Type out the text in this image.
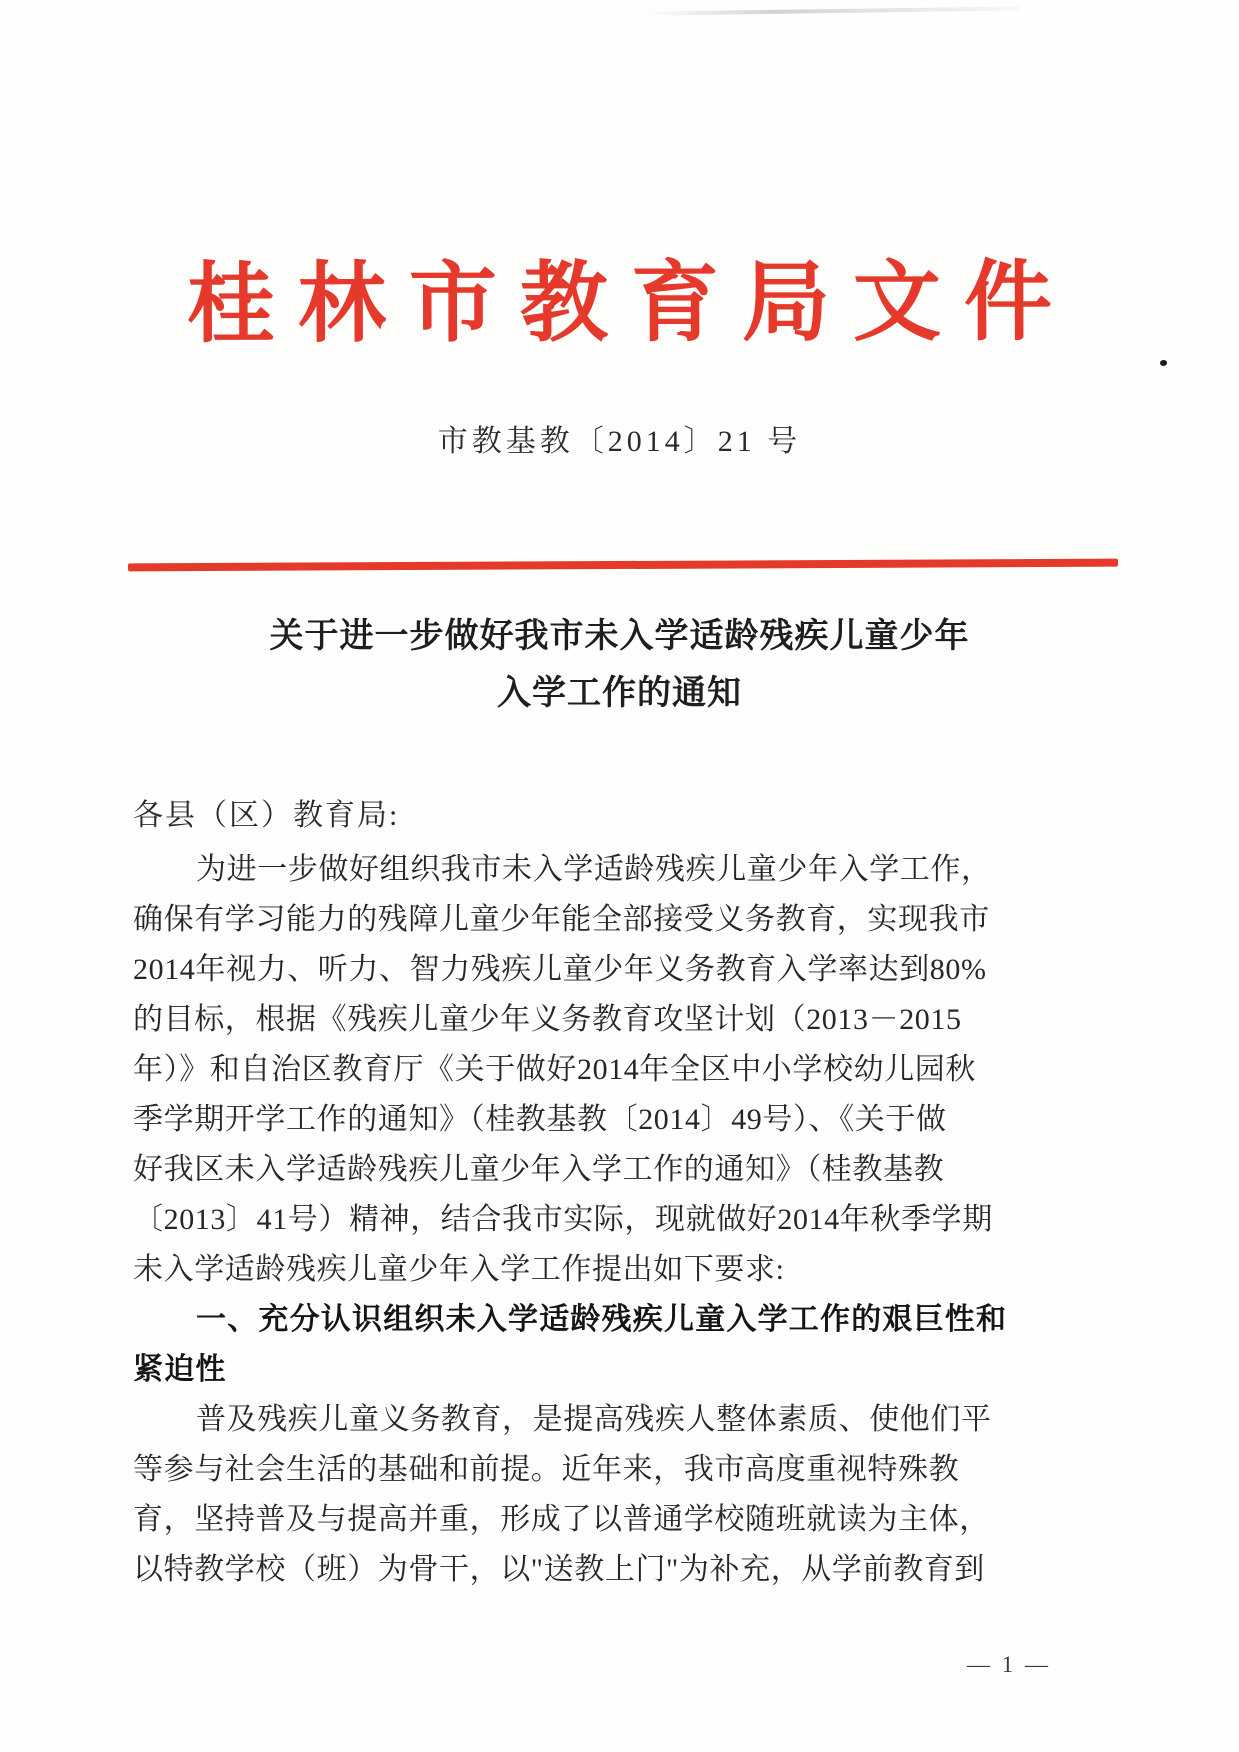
桂林市教育局文件
市教基教〔2014〕21 号
关于进一步做好我市未入学适龄残疾儿童少年
入学工作的通知
各县（区）教育局:
为进一步做好组织我市未入学适龄残疾儿童少年入学工作，
确保有学习能力的残障儿童少年能全部接受义务教育，实现我市
2014年视力、听力、智力残疾儿童少年义务教育入学率达到80%
的目标，根据《残疾儿童少年义务教育攻坚计划（2013－2015
年）》和自治区教育厅《关于做好2014年全区中小学校幼儿园秋
季学期开学工作的通知》（桂教基教〔2014〕49号）、《关于做
好我区未入学适龄残疾儿童少年入学工作的通知》（桂教基教
〔2013〕41号）精神，结合我市实际，现就做好2014年秋季学期
未入学适龄残疾儿童少年入学工作提出如下要求:
一、充分认识组织未入学适龄残疾儿童入学工作的艰巨性和
紧迫性
普及残疾儿童义务教育，是提高残疾人整体素质、使他们平
等参与社会生活的基础和前提。近年来，我市高度重视特殊教
育，坚持普及与提高并重，形成了以普通学校随班就读为主体，
以特教学校（班）为骨干，以"送教上门"为补充，从学前教育到
— 1 —
